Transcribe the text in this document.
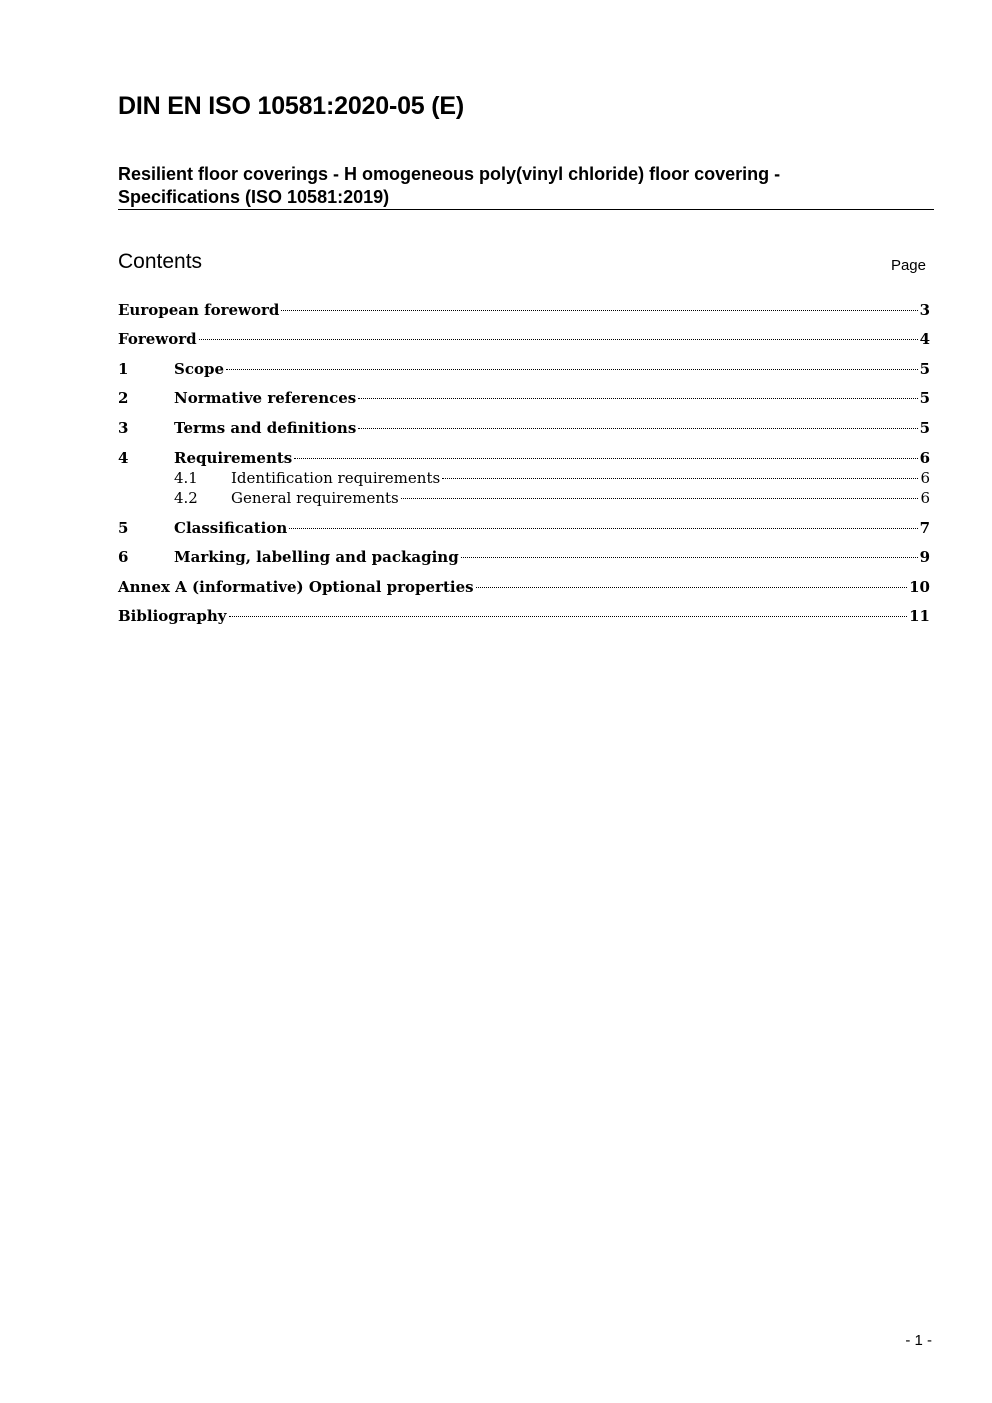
DIN EN ISO 10581:2020-05 (E)
Resilient floor coverings - H omogeneous poly(vinyl chloride) floor covering -
Specifications (ISO 10581:2019)
Contents	Page
European foreword	3
Foreword	4
1	Scope	5
2	Normative references	5
3	Terms and definitions	5
4	Requirements	6
4.1	Identification requirements	6
4.2	General requirements	6
5	Classification	7
6	Marking, labelling and packaging	9
Annex A (informative) Optional properties	10
Bibliography	11
- 1 -
